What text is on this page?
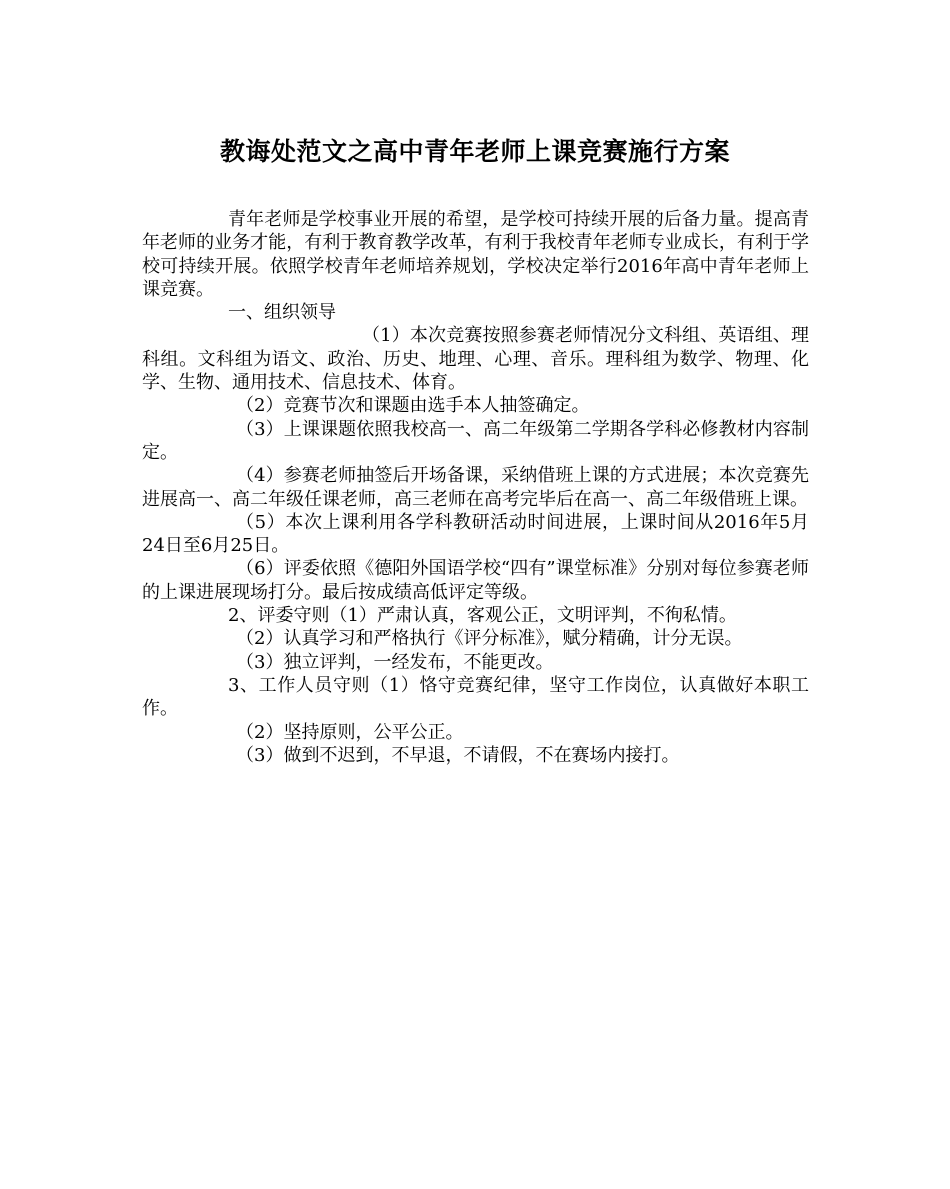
教诲处范文之高中青年老师上课竞赛施行方案

青年老师是学校事业开展的希望，是学校可持续开展的后备力量。提高青年老师的业务才能，有利于教育教学改革，有利于我校青年老师专业成长，有利于学校可持续开展。依照学校青年老师培养规划，学校决定举行2016年高中青年老师上课竞赛。

一、组织领导

（1）本次竞赛按照参赛老师情况分文科组、英语组、理科组。文科组为语文、政治、历史、地理、心理、音乐。理科组为数学、物理、化学、生物、通用技术、信息技术、体育。

（2）竞赛节次和课题由选手本人抽签确定。

（3）上课课题依照我校高一、高二年级第二学期各学科必修教材内容制定。

（4）参赛老师抽签后开场备课，采纳借班上课的方式进展；本次竞赛先进展高一、高二年级任课老师，高三老师在高考完毕后在高一、高二年级借班上课。

（5）本次上课利用各学科教研活动时间进展，上课时间从2016年5月24日至6月25日。

（6）评委依照《德阳外国语学校“四有”课堂标准》分别对每位参赛老师的上课进展现场打分。最后按成绩高低评定等级。

2、评委守则（1）严肃认真，客观公正，文明评判，不徇私情。

（2）认真学习和严格执行《评分标准》，赋分精确，计分无误。

（3）独立评判，一经发布，不能更改。

3、工作人员守则（1）恪守竞赛纪律，坚守工作岗位，认真做好本职工作。

（2）坚持原则，公平公正。

（3）做到不迟到，不早退，不请假，不在赛场内接打。
